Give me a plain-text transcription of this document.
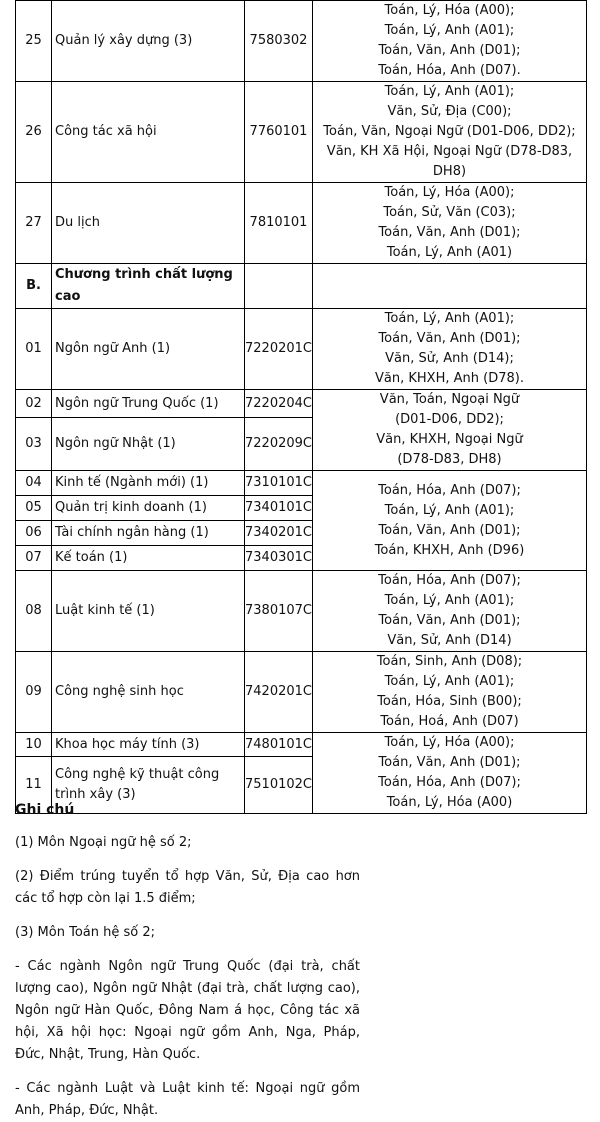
25	Quản lý xây dựng (3)	7580302	Toán, Lý, Hóa (A00);
Toán, Lý, Anh (A01);
Toán, Văn, Anh (D01);
Toán, Hóa, Anh (D07).

26	Công tác xã hội	7760101	Toán, Lý, Anh (A01);
Văn, Sử, Địa (C00);
Toán, Văn, Ngoại Ngữ (D01-D06, DD2);
Văn, KH Xã Hội, Ngoại Ngữ (D78-D83,
DH8)

27	Du lịch	7810101	Toán, Lý, Hóa (A00);
Toán, Sử, Văn (C03);
Toán, Văn, Anh (D01);
Toán, Lý, Anh (A01)

B.	Chương trình chất lượng cao		
01	Ngôn ngữ Anh (1)	7220201C	Toán, Lý, Anh (A01);
Toán, Văn, Anh (D01);
Văn, Sử, Anh (D14);
Văn, KHXH, Anh (D78).

02	Ngôn ngữ Trung Quốc (1)	7220204C	Văn, Toán, Ngoại Ngữ
(D01-D06, DD2);
Văn, KHXH, Ngoại Ngữ
(D78-D83, DH8)

03	Ngôn ngữ Nhật (1)	7220209C	
04	Kinh tế (Ngành mới) (1)	7310101C	Toán, Hóa, Anh (D07);
Toán, Lý, Anh (A01);
Toán, Văn, Anh (D01);
Toán, KHXH, Anh (D96)

05	Quản trị kinh doanh (1)	7340101C	
06	Tài chính ngân hàng (1)	7340201C	
07	Kế toán (1)	7340301C	
08	Luật kinh tế (1)	7380107C	Toán, Hóa, Anh (D07);
Toán, Lý, Anh (A01);
Toán, Văn, Anh (D01);
Văn, Sử, Anh (D14)

09	Công nghệ sinh học	7420201C	Toán, Sinh, Anh (D08);
Toán, Lý, Anh (A01);
Toán, Hóa, Sinh (B00);
Toán, Hoá, Anh (D07)

10	Khoa học máy tính (3)	7480101C	Toán, Lý, Hóa (A00);
Toán, Văn, Anh (D01);
Toán, Hóa, Anh (D07);
Toán, Lý, Hóa (A00)

11	Công nghệ kỹ thuật công trình xây (3)	7510102C	
Ghi chú

(1) Môn Ngoại ngữ hệ số 2;

(2) Điểm trúng tuyển tổ hợp Văn, Sử, Địa cao hơn các tổ hợp còn lại 1.5 điểm;

(3) Môn Toán hệ số 2;

- Các ngành Ngôn ngữ Trung Quốc (đại trà, chất lượng cao), Ngôn ngữ Nhật (đại trà, chất lượng cao), Ngôn ngữ Hàn Quốc, Đông Nam á học, Công tác xã hội, Xã hội học: Ngoại ngữ gồm Anh, Nga, Pháp, Đức, Nhật, Trung, Hàn Quốc.

- Các ngành Luật và Luật kinh tế: Ngoại ngữ gồm Anh, Pháp, Đức, Nhật.
